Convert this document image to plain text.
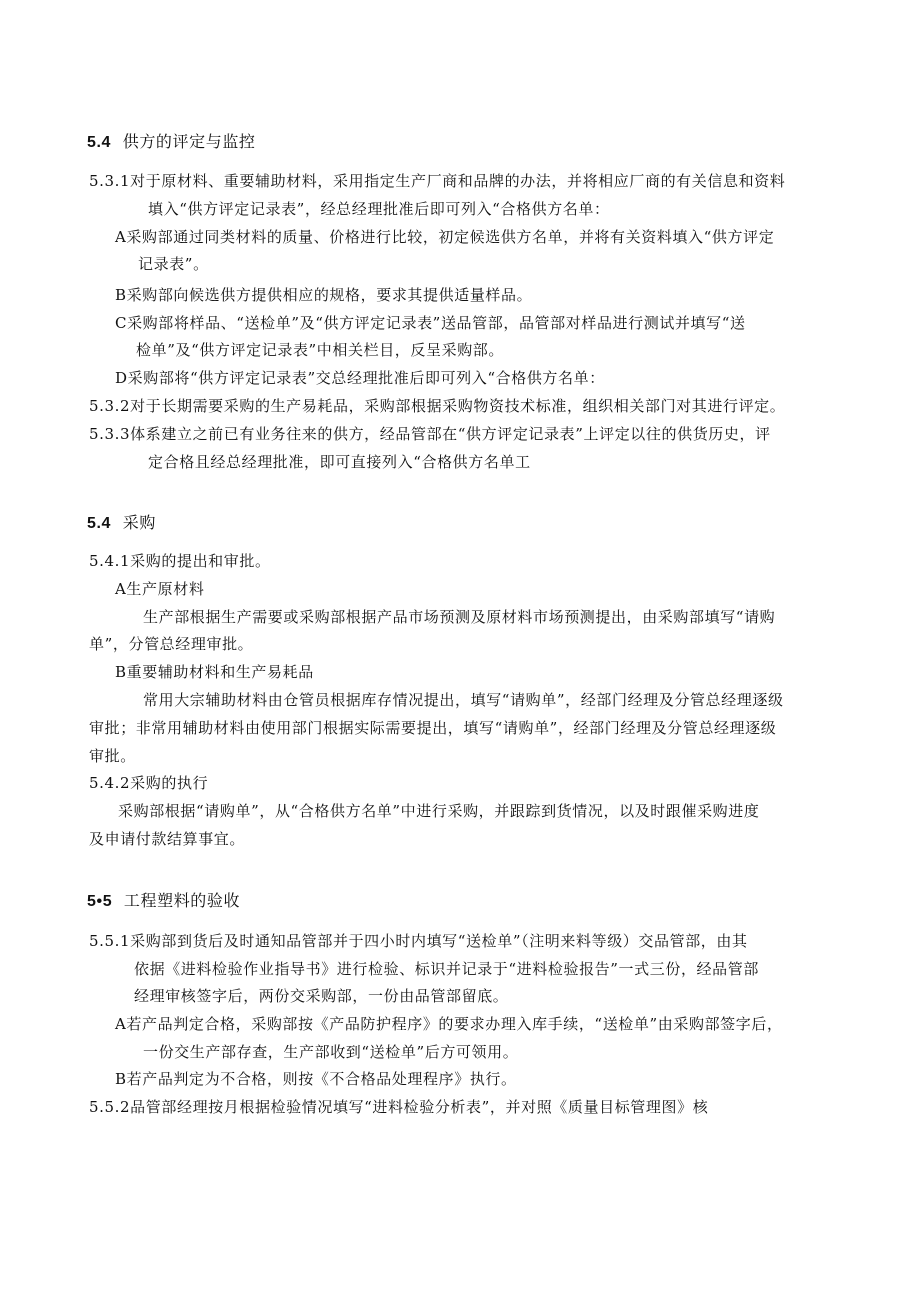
5.4 供方的评定与监控
5.3.1对于原材料、重要辅助材料，采用指定生产厂商和品牌的办法，并将相应厂商的有关信息和资料
填入“供方评定记录表”，经总经理批准后即可列入“合格供方名单：
A采购部通过同类材料的质量、价格进行比较，初定候选供方名单，并将有关资料填入“供方评定
记录表”。
B采购部向候选供方提供相应的规格，要求其提供适量样品。
C采购部将样品、“送检单”及“供方评定记录表”送品管部，品管部对样品进行测试并填写“送
检单”及“供方评定记录表”中相关栏目，反呈采购部。
D采购部将“供方评定记录表”交总经理批准后即可列入“合格供方名单：
5.3.2对于长期需要采购的生产易耗品，采购部根据采购物资技术标准，组织相关部门对其进行评定。
5.3.3体系建立之前已有业务往来的供方，经品管部在“供方评定记录表”上评定以往的供货历史，评
定合格且经总经理批准，即可直接列入“合格供方名单工
5.4 采购
5.4.1采购的提出和审批。
A生产原材料
生产部根据生产需要或采购部根据产品市场预测及原材料市场预测提出，由采购部填写“请购
单”，分管总经理审批。
B重要辅助材料和生产易耗品
常用大宗辅助材料由仓管员根据库存情况提出，填写“请购单”，经部门经理及分管总经理逐级
审批；非常用辅助材料由使用部门根据实际需要提出，填写“请购单”，经部门经理及分管总经理逐级
审批。
5.4.2采购的执行
采购部根据“请购单”，从“合格供方名单”中进行采购，并跟踪到货情况，以及时跟催采购进度
及申请付款结算事宜。
5•5 工程塑料的验收
5.5.1采购部到货后及时通知品管部并于四小时内填写“送检单”（注明来料等级）交品管部，由其
依据《进料检验作业指导书》进行检验、标识并记录于“进料检验报告”一式三份，经品管部
经理审核签字后，两份交采购部，一份由品管部留底。
A若产品判定合格，采购部按《产品防护程序》的要求办理入库手续，“送检单”由采购部签字后，
一份交生产部存查，生产部收到“送检单”后方可领用。
B若产品判定为不合格，则按《不合格品处理程序》执行。
5.5.2品管部经理按月根据检验情况填写“进料检验分析表”，并对照《质量目标管理图》核
